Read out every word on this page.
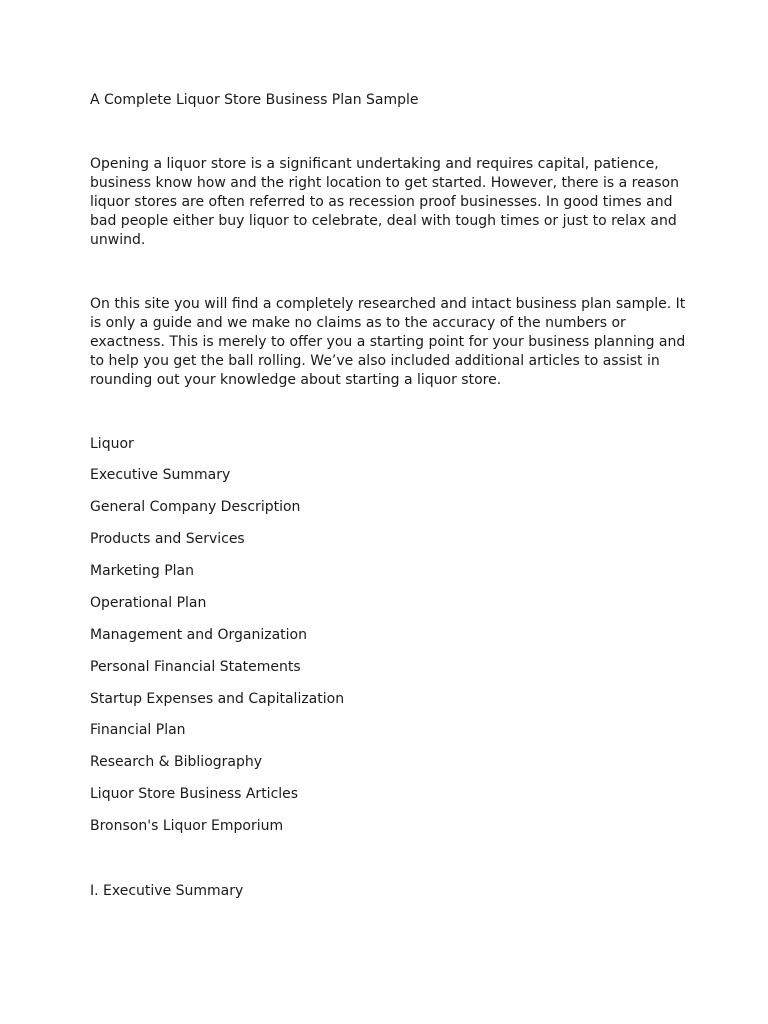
A Complete Liquor Store Business Plan Sample

Opening a liquor store is a significant undertaking and requires capital, patience,

business know how and the right location to get started. However, there is a reason

liquor stores are often referred to as recession proof businesses. In good times and

bad people either buy liquor to celebrate, deal with tough times or just to relax and

unwind.

On this site you will find a completely researched and intact business plan sample. It

is only a guide and we make no claims as to the accuracy of the numbers or

exactness. This is merely to offer you a starting point for your business planning and

to help you get the ball rolling. We’ve also included additional articles to assist in

rounding out your knowledge about starting a liquor store.

Liquor

Executive Summary

General Company Description

Products and Services

Marketing Plan

Operational Plan

Management and Organization

Personal Financial Statements

Startup Expenses and Capitalization

Financial Plan

Research & Bibliography

Liquor Store Business Articles

Bronson's Liquor Emporium

I. Executive Summary
